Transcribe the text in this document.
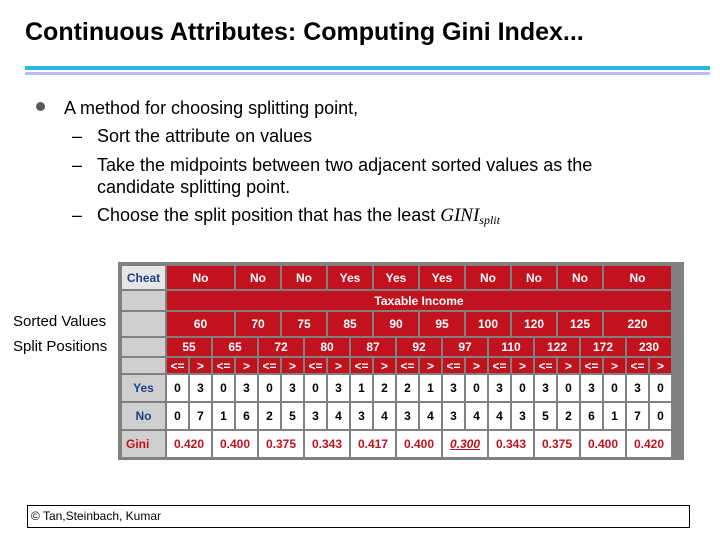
Continuous Attributes: Computing Gini Index...
A method for choosing splitting point,
– Sort the attribute on values
– Take the midpoints between two adjacent sorted values as the
candidate splitting point.
– Choose the split position that has the least $GINI_{split}$
Sorted Values
Split Positions
Cheat	No			No		No		Yes		Yes		Yes		No		No		No		No		
	Taxable Income																					
	60			70		75		85		90		95		100		120		125		220		
	55		65		72		80		87		92		97		110		122		172		230	
	<=	>	<=	>	<=	>	<=	>	<=	>	<=	>	<=	>	<=	>	<=	>	<=	>	<=	>
Yes	0	3	0	3	0	3	0	3	1	2	2	1	3	0	3	0	3	0	3	0	3	0
No	0	7	1	6	2	5	3	4	3	4	3	4	3	4	4	3	5	2	6	1	7	0
Gini	0.420		0.400		0.375		0.343		0.417		0.400		0.300		0.343		0.375		0.400		0.420	
© Tan,Steinbach, Kumar
